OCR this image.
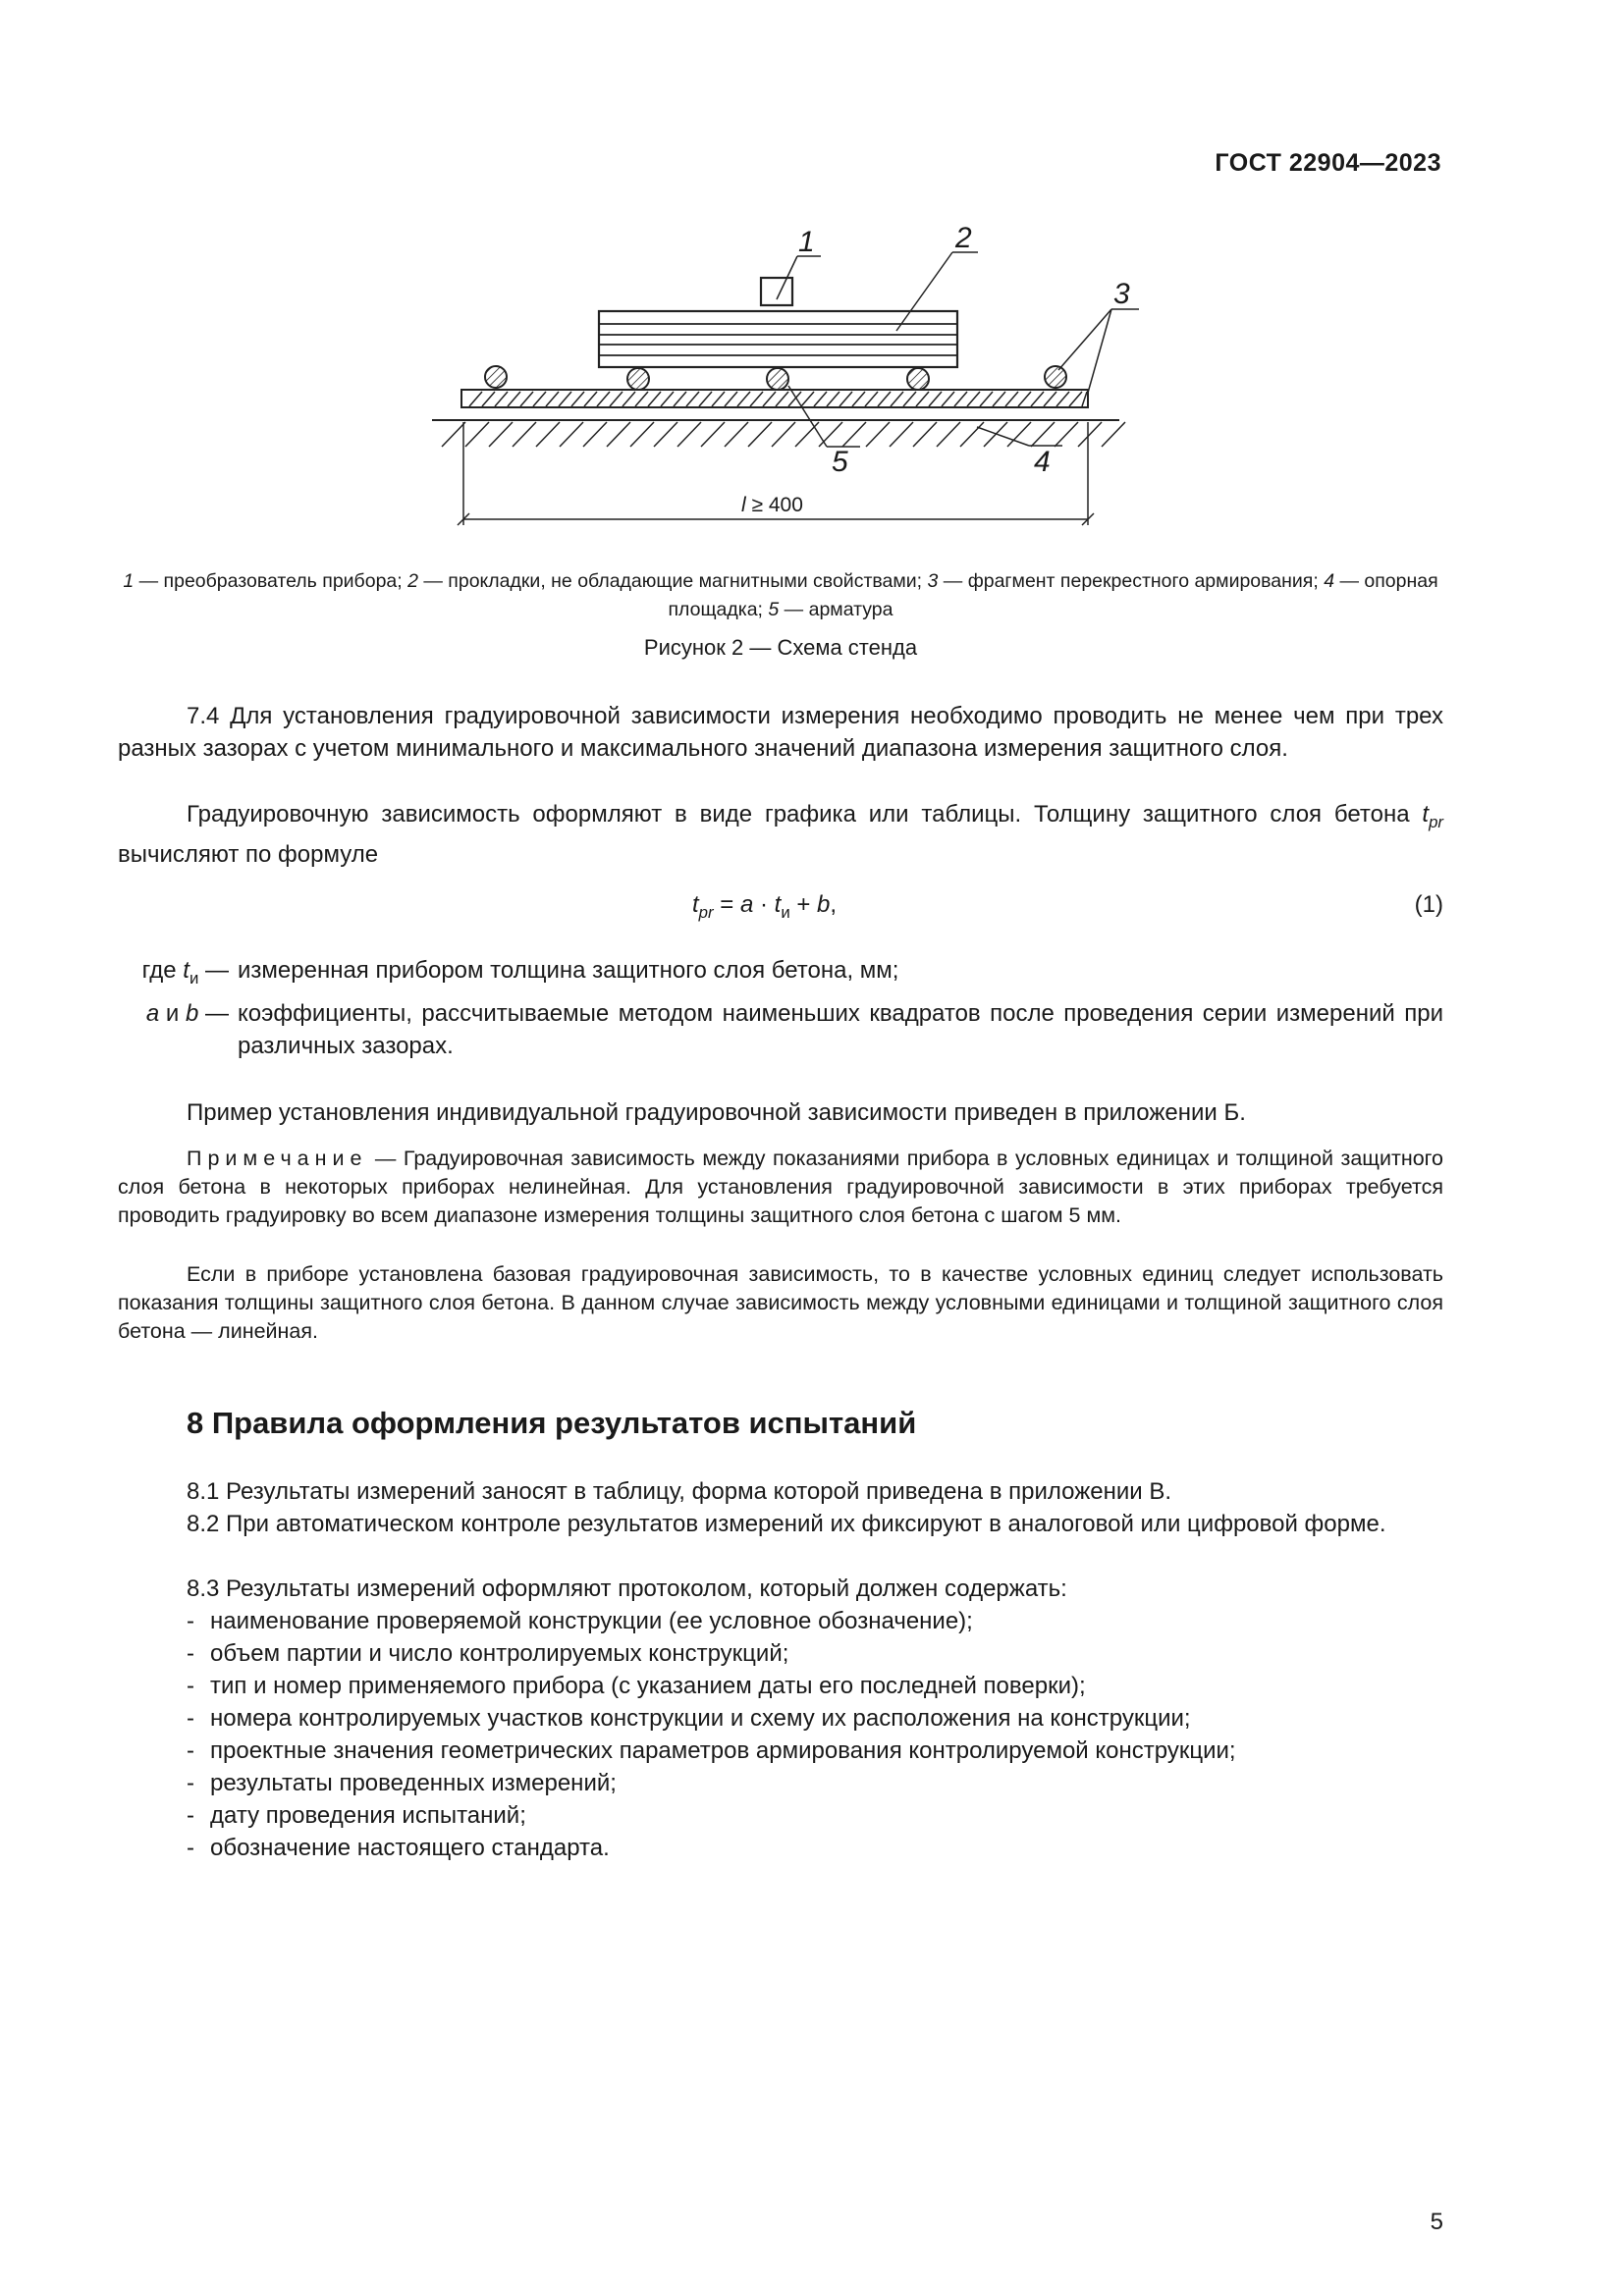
ГОСТ 22904—2023
l ≥ 400
1	2
3
5	4
1 — преобразователь прибора; 2 — прокладки, не обладающие магнитными свойствами; 3 — фрагмент перекрестного армирования; 4 — опорная площадка; 5 — арматура
Рисунок 2 — Схема стенда
7.4 Для установления градуировочной зависимости измерения необходимо проводить не менее чем при трех разных зазорах с учетом минимального и максимального значений диапазона измерения защитного слоя.
Градуировочную зависимость оформляют в виде графика или таблицы. Толщину защитного слоя бетона $t_{pr}$ вычисляют по формуле
$t_{pr} = a \cdot t_и + b$,	(1)
где $t_и$ — измеренная прибором толщина защитного слоя бетона, мм;
a и b — коэффициенты, рассчитываемые методом наименьших квадратов после проведения серии измерений при различных зазорах.
Пример установления индивидуальной градуировочной зависимости приведен в приложении Б.
Примечание — Градуировочная зависимость между показаниями прибора в условных единицах и толщиной защитного слоя бетона в некоторых приборах нелинейная. Для установления градуировочной зависимости в этих приборах требуется проводить градуировку во всем диапазоне измерения толщины защитного слоя бетона с шагом 5 мм.
Если в приборе установлена базовая градуировочная зависимость, то в качестве условных единиц следует использовать показания толщины защитного слоя бетона. В данном случае зависимость между условными единицами и толщиной защитного слоя бетона — линейная.
8 Правила оформления результатов испытаний
8.1 Результаты измерений заносят в таблицу, форма которой приведена в приложении В.
8.2 При автоматическом контроле результатов измерений их фиксируют в аналоговой или цифровой форме.
8.3 Результаты измерений оформляют протоколом, который должен содержать:
- наименование проверяемой конструкции (ее условное обозначение);
- объем партии и число контролируемых конструкций;
- тип и номер применяемого прибора (с указанием даты его последней поверки);
- номера контролируемых участков конструкции и схему их расположения на конструкции;
- проектные значения геометрических параметров армирования контролируемой конструкции;
- результаты проведенных измерений;
- дату проведения испытаний;
- обозначение настоящего стандарта.
5
